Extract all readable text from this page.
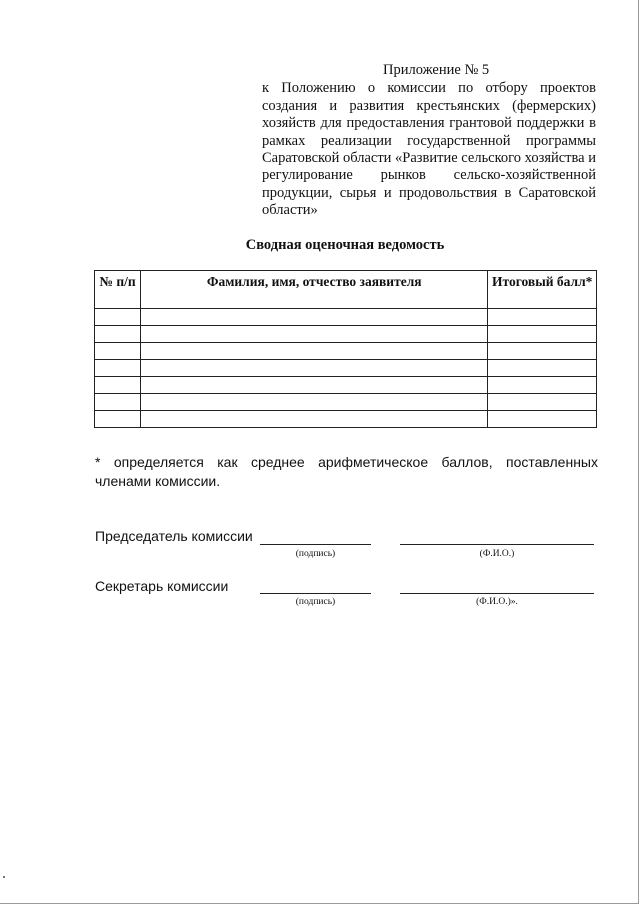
Приложение № 5

к Положению о комиссии по отбору проектов создания и развития крестьянских (фермерских) хозяйств для предоставления грантовой поддержки в рамках реализации государственной программы Саратовской области «Развитие сельского хозяйства и регулирование рынков сельско-хозяйственной продукции, сырья и продовольствия в Саратовской области»

Сводная оценочная ведомость
№ п/п	Фамилия, имя, отчество заявителя	Итоговый балл*

* определяется как среднее арифметическое баллов, поставленных членами комиссии.
Председатель комиссии
(подпись)	(Ф.И.О.)
Секретарь комиссии
(подпись)	(Ф.И.О.)».
